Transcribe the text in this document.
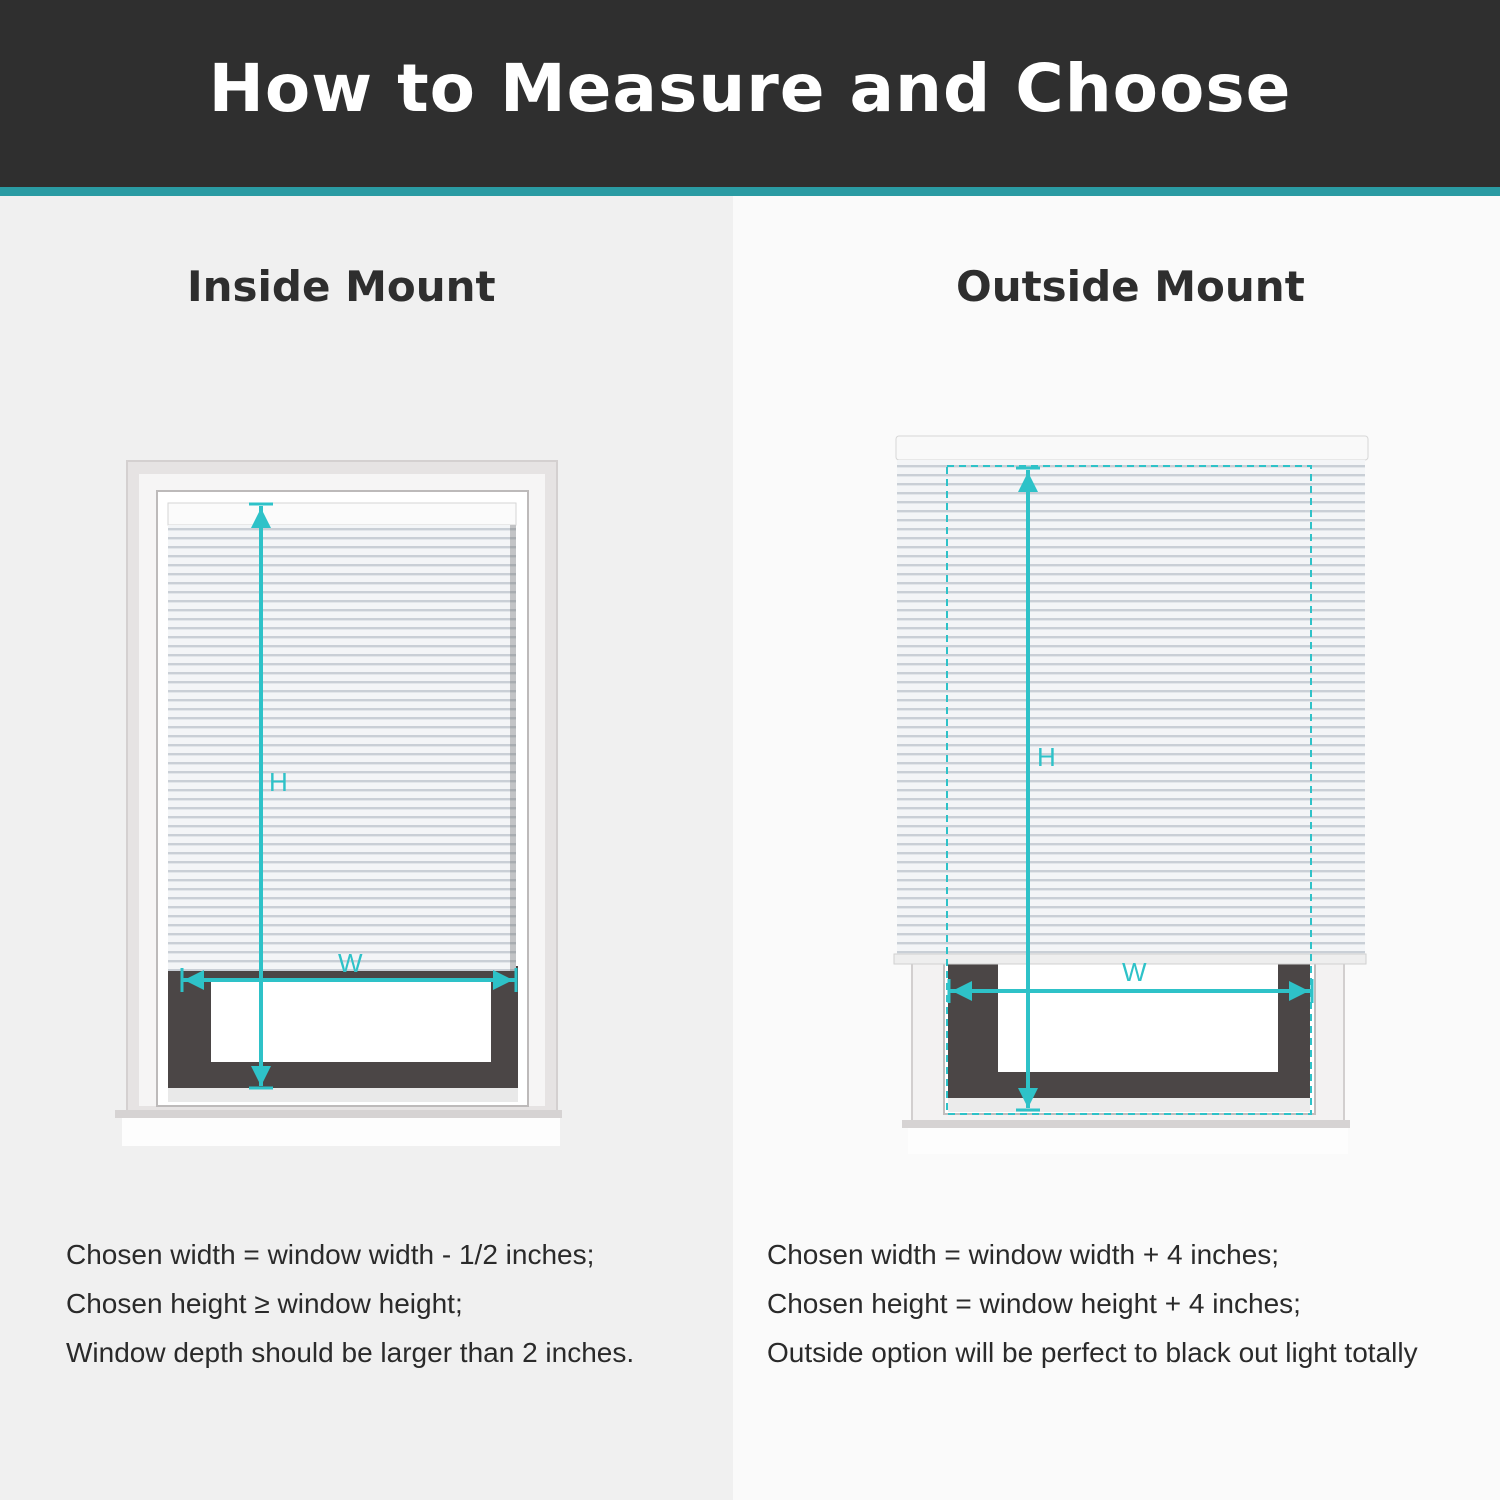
How to Measure and Choose
Inside Mount	Outside Mount
H
W
H
W
Chosen width = window width - 1/2 inches;
Chosen height ≥ window height;
Window depth should be larger than 2 inches.
Chosen width = window width + 4 inches;
Chosen height = window height + 4 inches;
Outside option will be perfect to black out light totally
